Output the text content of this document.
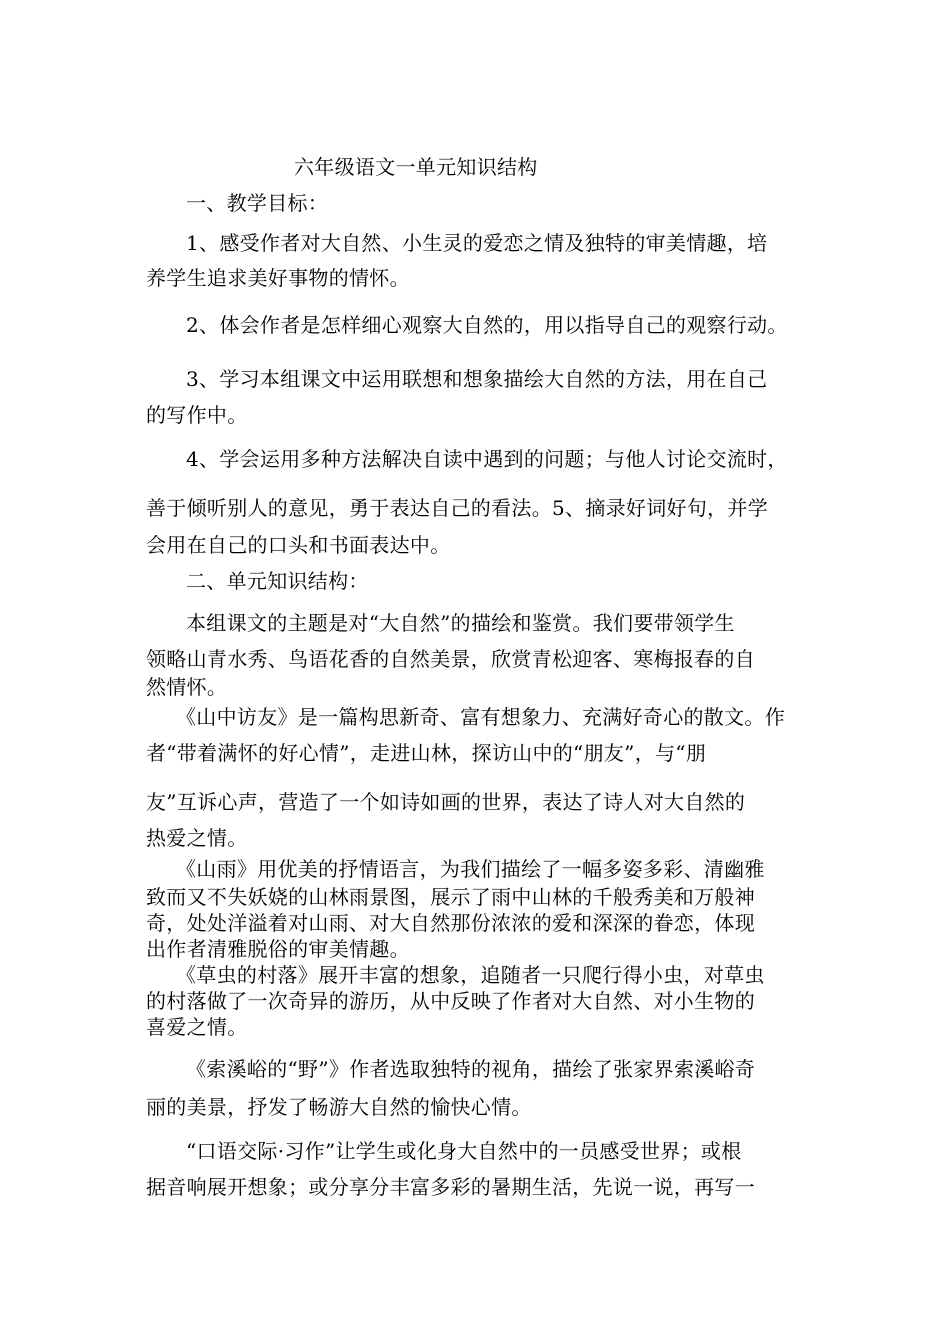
六年级语文一单元知识结构
一、教学目标：
1、感受作者对大自然、小生灵的爱恋之情及独特的审美情趣，培
养学生追求美好事物的情怀。
2、体会作者是怎样细心观察大自然的，用以指导自己的观察行动。
3、学习本组课文中运用联想和想象描绘大自然的方法，用在自己
的写作中。
4、学会运用多种方法解决自读中遇到的问题；与他人讨论交流时，
善于倾听别人的意见，勇于表达自己的看法。5、摘录好词好句，并学
会用在自己的口头和书面表达中。
二、单元知识结构：
本组课文的主题是对“大自然”的描绘和鉴赏。我们要带领学生
领略山青水秀、鸟语花香的自然美景，欣赏青松迎客、寒梅报春的自
然情怀。
《山中访友》是一篇构思新奇、富有想象力、充满好奇心的散文。作
者“带着满怀的好心情”，走进山林，探访山中的“朋友”，与“朋
友”互诉心声，营造了一个如诗如画的世界，表达了诗人对大自然的
热爱之情。
《山雨》用优美的抒情语言，为我们描绘了一幅多姿多彩、清幽雅
致而又不失妖娆的山林雨景图，展示了雨中山林的千般秀美和万般神
奇，处处洋溢着对山雨、对大自然那份浓浓的爱和深深的眷恋，体现
出作者清雅脱俗的审美情趣。
《草虫的村落》展开丰富的想象，追随者一只爬行得小虫，对草虫
的村落做了一次奇异的游历，从中反映了作者对大自然、对小生物的
喜爱之情。
《索溪峪的“野”》作者选取独特的视角，描绘了张家界索溪峪奇
丽的美景，抒发了畅游大自然的愉快心情。
“口语交际·习作”让学生或化身大自然中的一员感受世界；或根
据音响展开想象；或分享分丰富多彩的暑期生活，先说一说，再写一
